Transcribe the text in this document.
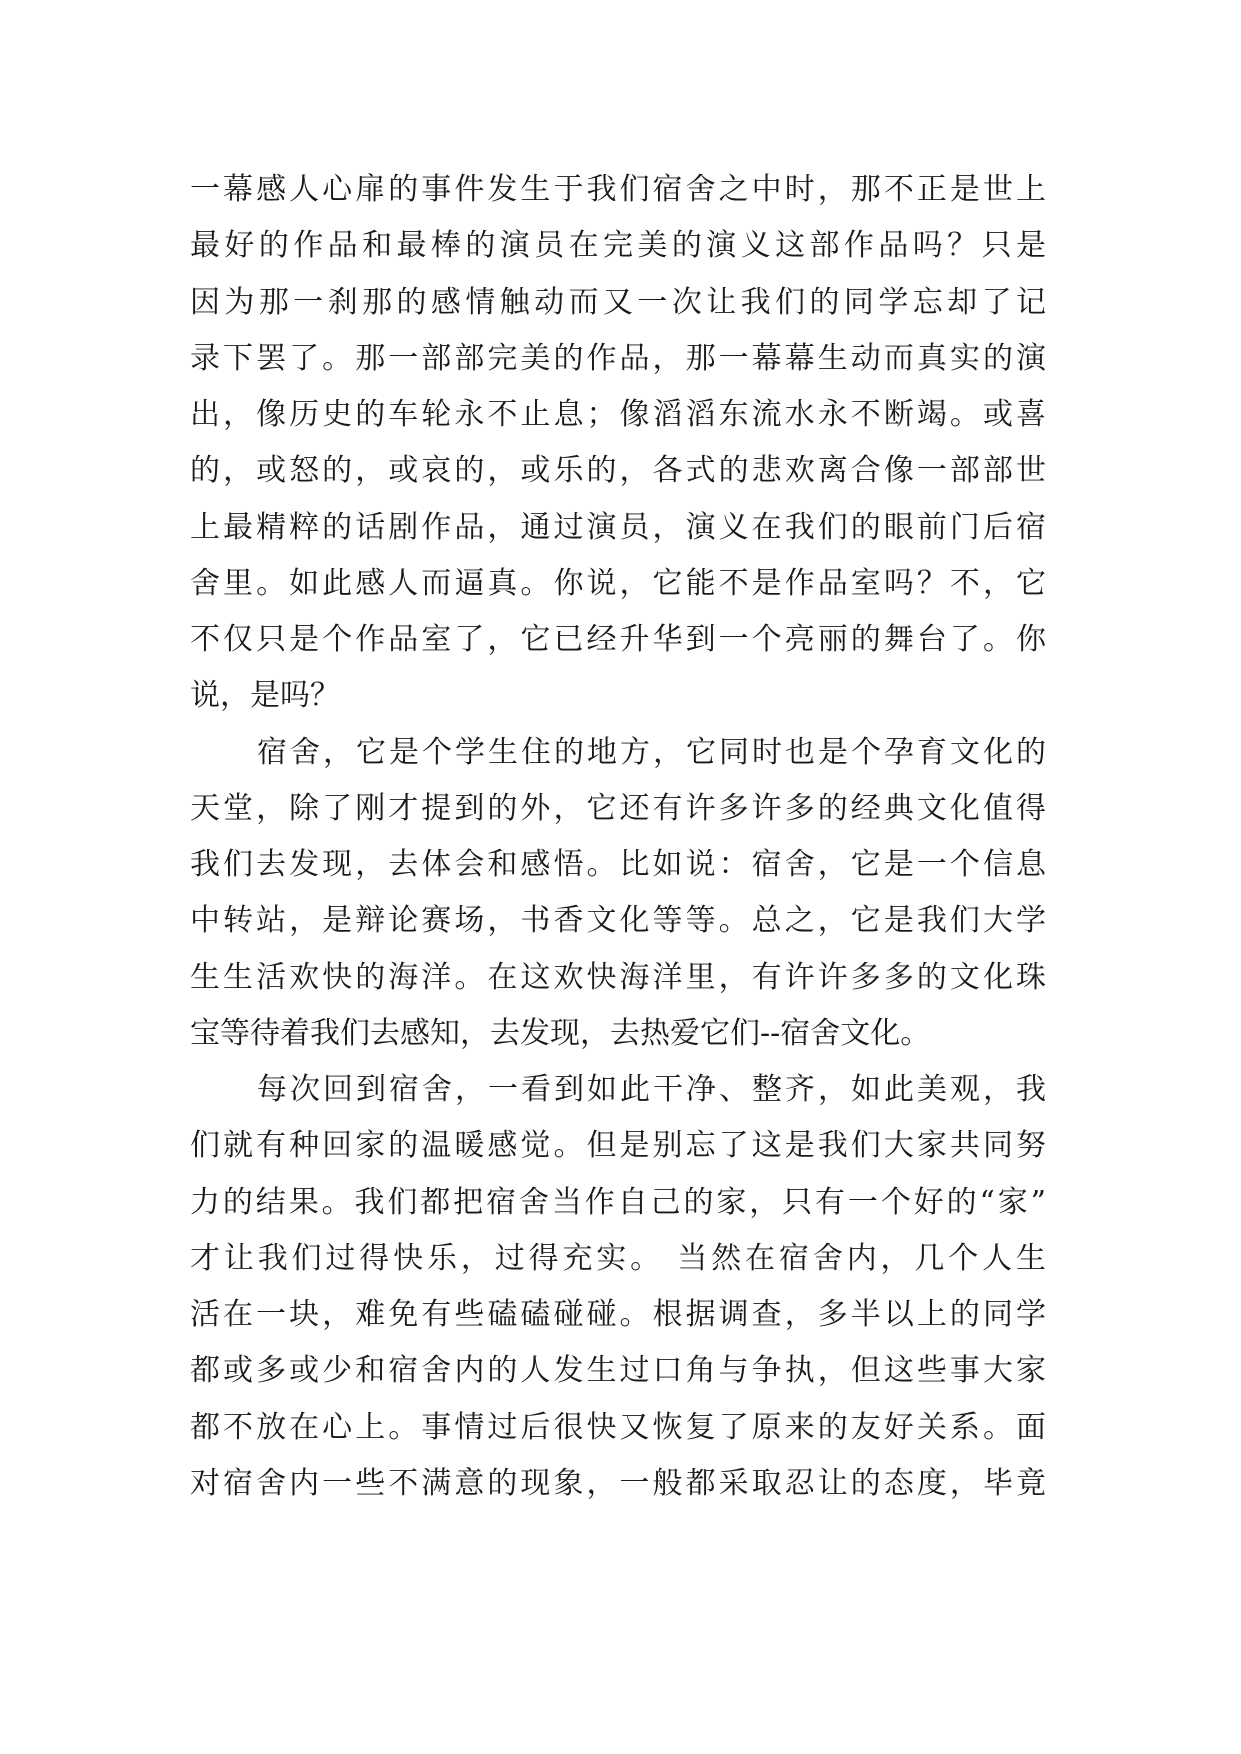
一幕感人心扉的事件发生于我们宿舍之中时，那不正是世上
最好的作品和最棒的演员在完美的演义这部作品吗？只是
因为那一刹那的感情触动而又一次让我们的同学忘却了记
录下罢了。那一部部完美的作品，那一幕幕生动而真实的演
出，像历史的车轮永不止息；像滔滔东流水永不断竭。或喜
的，或怒的，或哀的，或乐的，各式的悲欢离合像一部部世
上最精粹的话剧作品，通过演员，演义在我们的眼前门后宿
舍里。如此感人而逼真。你说，它能不是作品室吗？不，它
不仅只是个作品室了，它已经升华到一个亮丽的舞台了。你
说，是吗？
宿舍，它是个学生住的地方，它同时也是个孕育文化的
天堂，除了刚才提到的外，它还有许多许多的经典文化值得
我们去发现，去体会和感悟。比如说：宿舍，它是一个信息
中转站，是辩论赛场，书香文化等等。总之，它是我们大学
生生活欢快的海洋。在这欢快海洋里，有许许多多的文化珠
宝等待着我们去感知，去发现，去热爱它们--宿舍文化。
每次回到宿舍，一看到如此干净、整齐，如此美观，我
们就有种回家的温暖感觉。但是别忘了这是我们大家共同努
力的结果。我们都把宿舍当作自己的家，只有一个好的“家”
才让我们过得快乐，过得充实。 当然在宿舍内，几个人生
活在一块，难免有些磕磕碰碰。根据调查，多半以上的同学
都或多或少和宿舍内的人发生过口角与争执，但这些事大家
都不放在心上。事情过后很快又恢复了原来的友好关系。面
对宿舍内一些不满意的现象，一般都采取忍让的态度，毕竟
